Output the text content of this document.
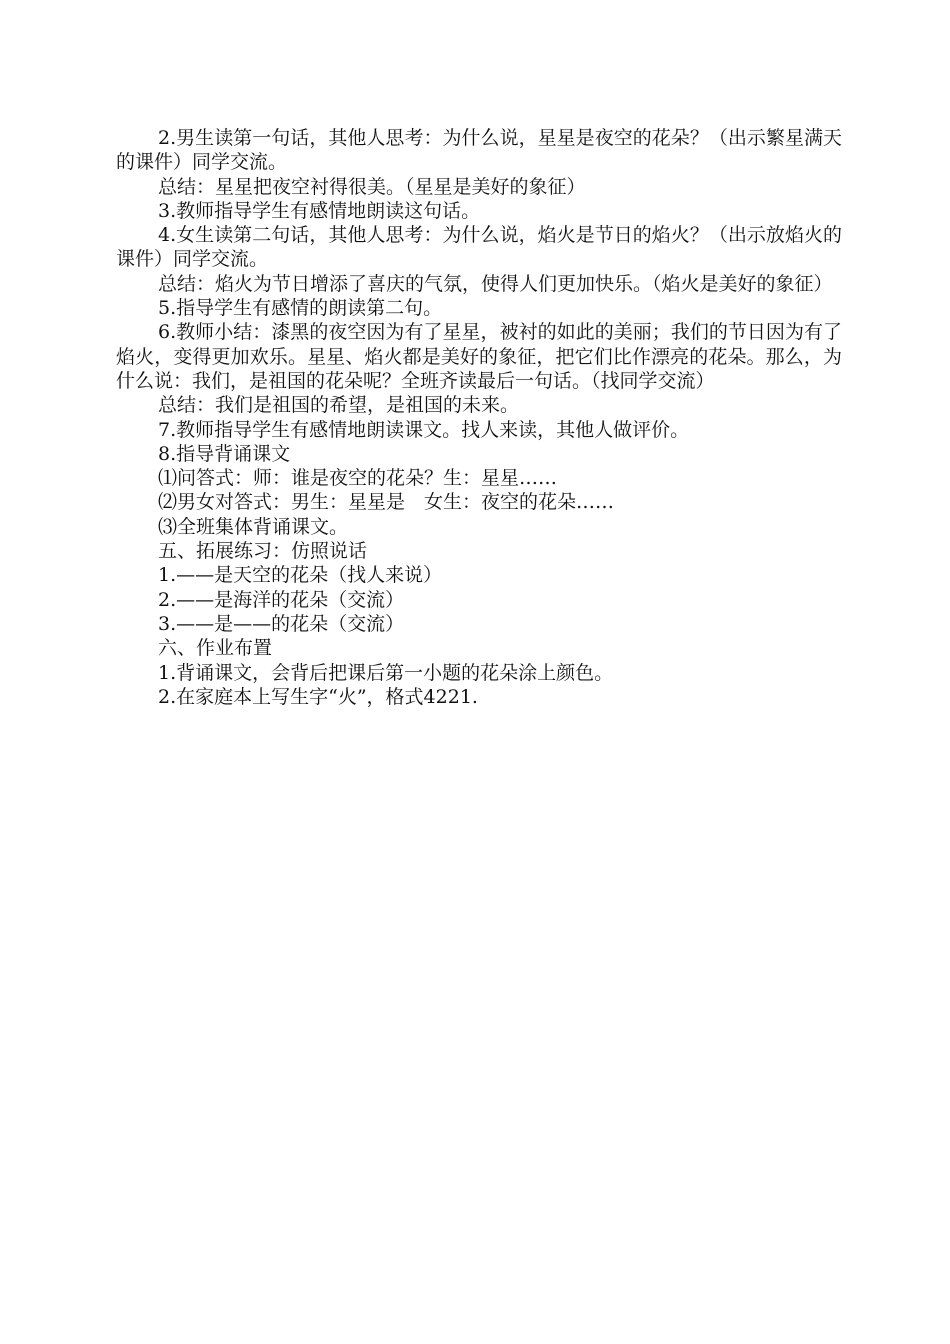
2.男生读第一句话，其他人思考：为什么说，星星是夜空的花朵？（出示繁星满天的课件）同学交流。

总结：星星把夜空衬得很美。（星星是美好的象征）

3.教师指导学生有感情地朗读这句话。

4.女生读第二句话，其他人思考：为什么说，焰火是节日的焰火？（出示放焰火的课件）同学交流。

总结：焰火为节日增添了喜庆的气氛，使得人们更加快乐。（焰火是美好的象征）

5.指导学生有感情的朗读第二句。

6.教师小结：漆黑的夜空因为有了星星，被衬的如此的美丽；我们的节日因为有了焰火，变得更加欢乐。星星、焰火都是美好的象征，把它们比作漂亮的花朵。那么，为什么说：我们，是祖国的花朵呢？全班齐读最后一句话。（找同学交流）

总结：我们是祖国的希望，是祖国的未来。

7.教师指导学生有感情地朗读课文。找人来读，其他人做评价。

8.指导背诵课文

⑴问答式：师：谁是夜空的花朵？生：星星……

⑵男女对答式：男生：星星是　女生：夜空的花朵……

⑶全班集体背诵课文。

五、拓展练习：仿照说话

1.——是天空的花朵（找人来说）

2.——是海洋的花朵（交流）

3.——是——的花朵（交流）

六、作业布置

1.背诵课文，会背后把课后第一小题的花朵涂上颜色。

2.在家庭本上写生字“火”，格式4221.
